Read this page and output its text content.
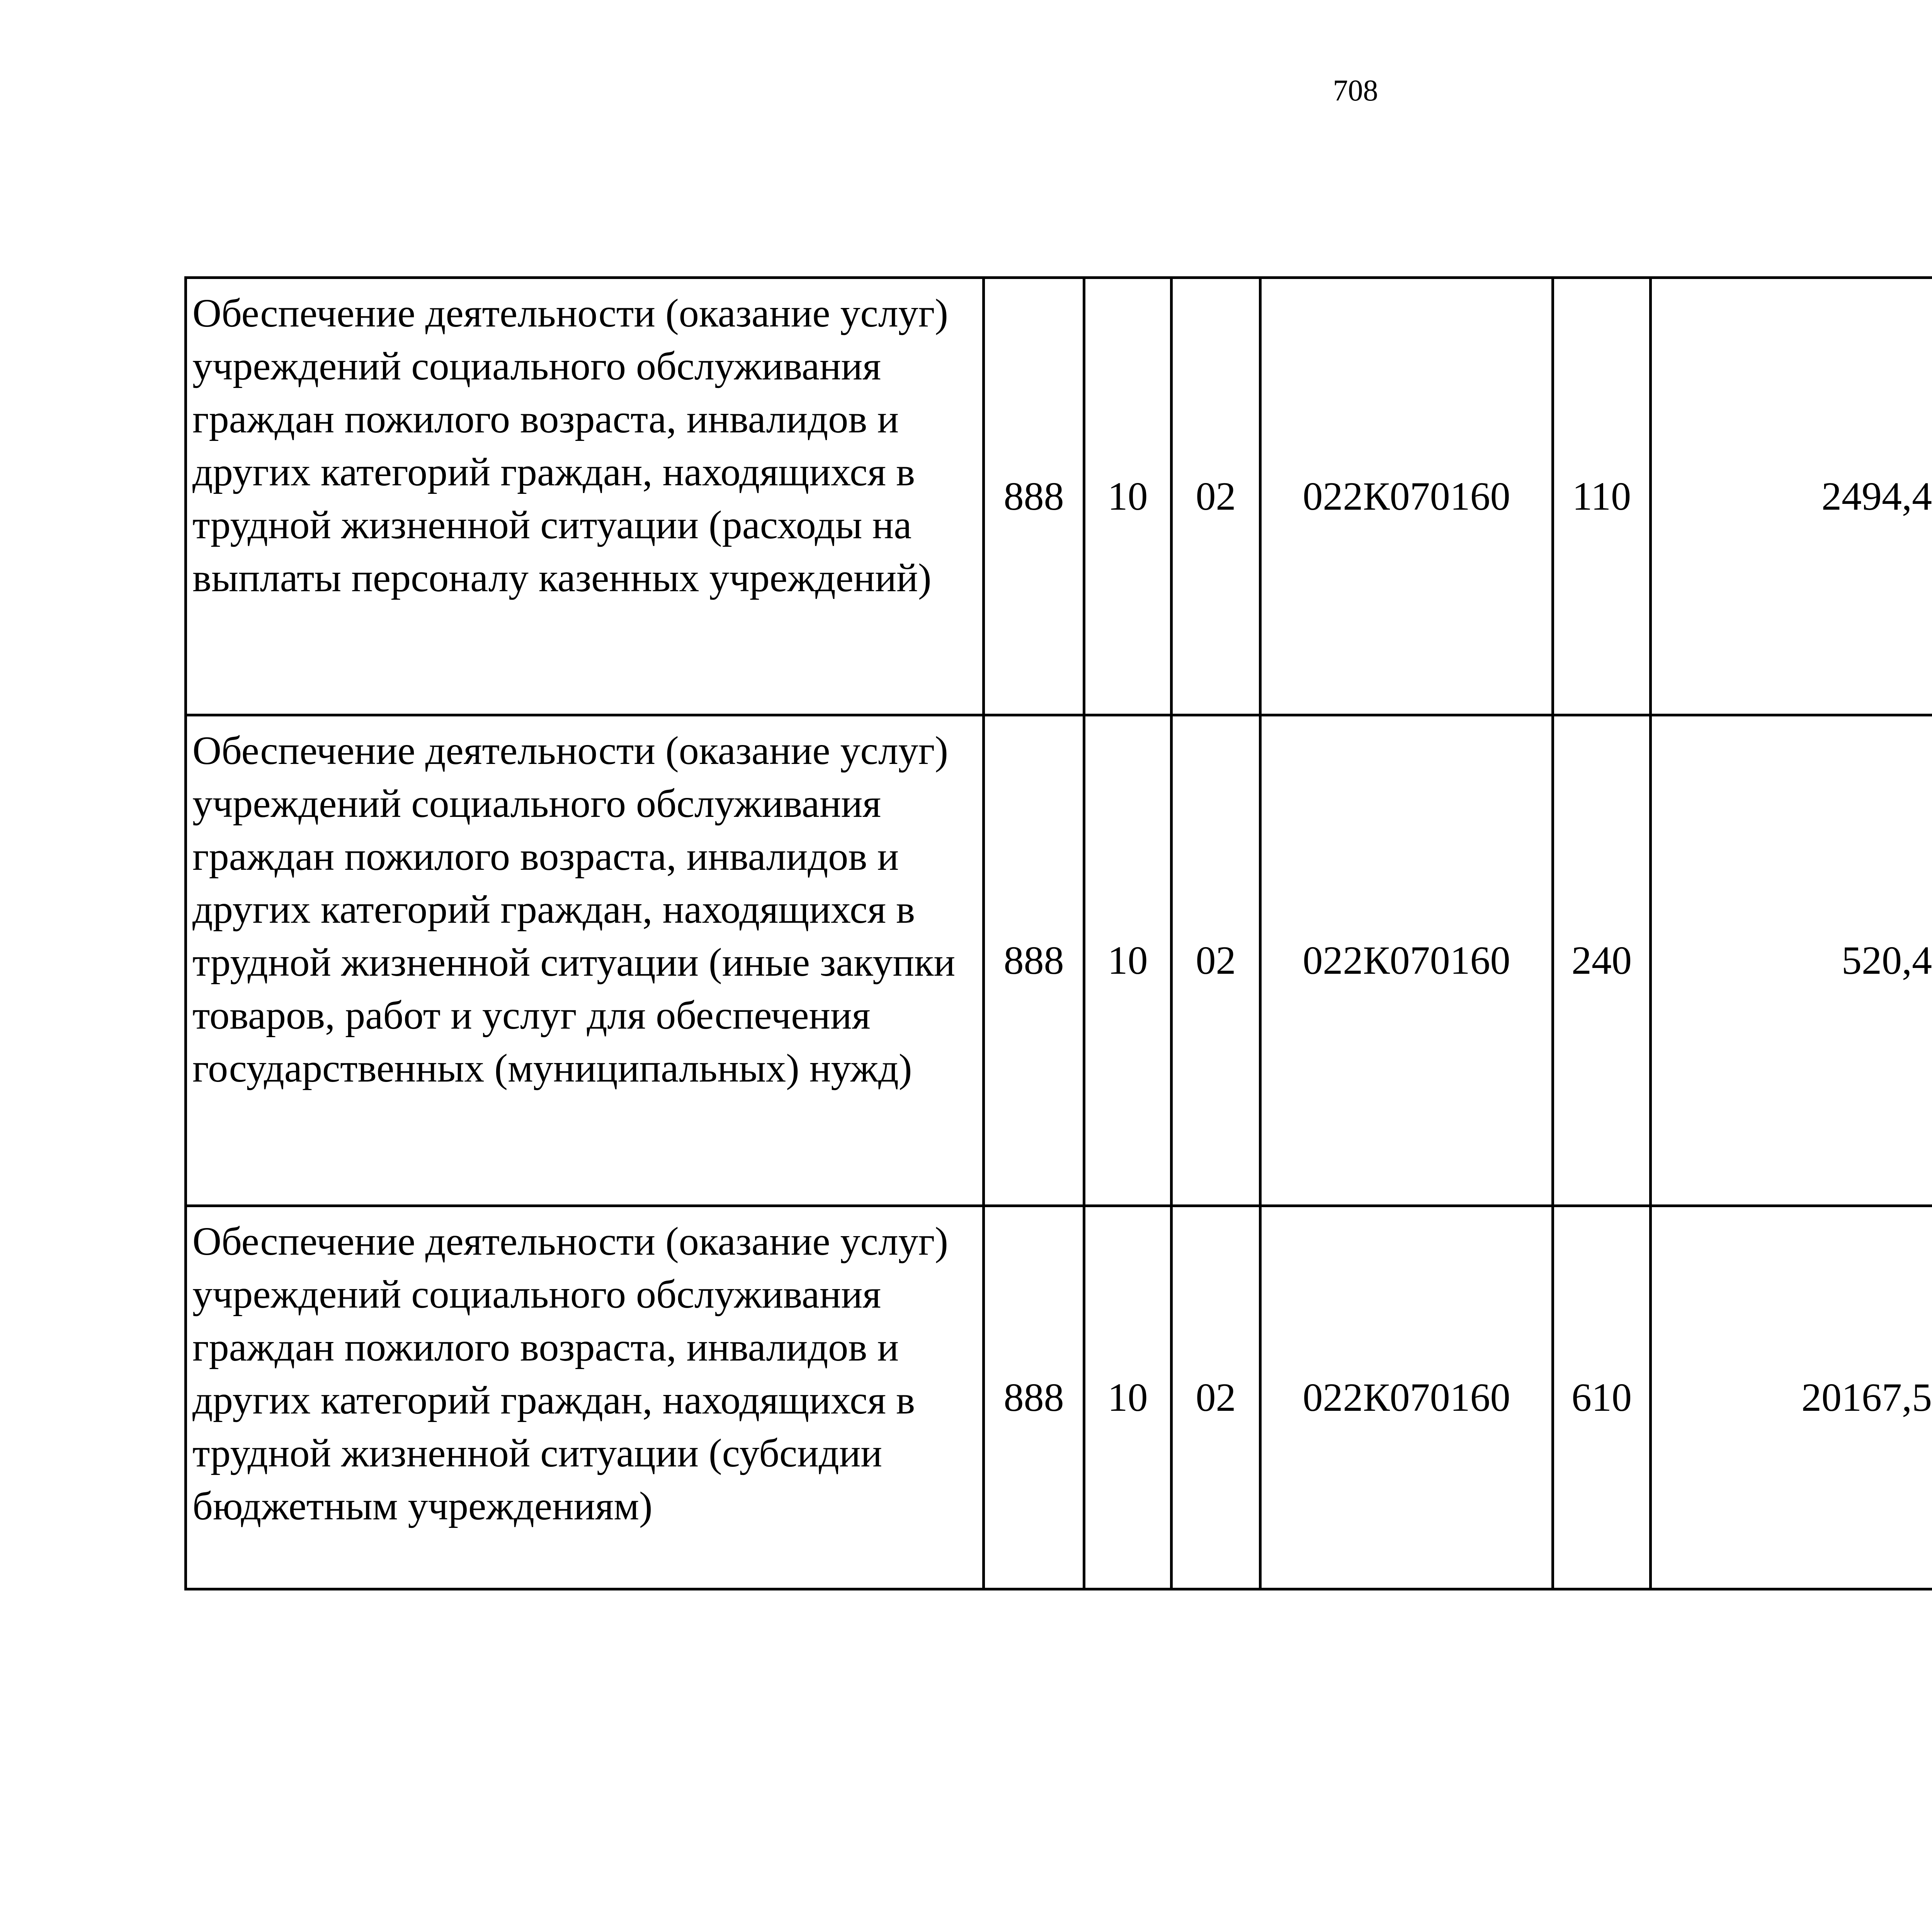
708
Обеспечение деятельности (оказание услуг) учреждений социального обслуживания граждан пожилого возраста, инвалидов и других категорий граждан, находящихся в трудной жизненной ситуации (расходы на выплаты персоналу казенных учреждений)	888	10	02	022К070160	110	2494,4		
Обеспечение деятельности (оказание услуг) учреждений социального обслуживания граждан пожилого возраста, инвалидов и других категорий граждан, находящихся в трудной жизненной ситуации (иные закупки товаров, работ и услуг для обеспечения государственных (муниципальных) нужд)	888	10	02	022К070160	240	520,4		
Обеспечение деятельности (оказание услуг) учреждений социального обслуживания граждан пожилого возраста, инвалидов и других категорий граждан, находящихся в трудной жизненной ситуации (субсидии бюджетным учреждениям)	888	10	02	022К070160	610	20167,5		
